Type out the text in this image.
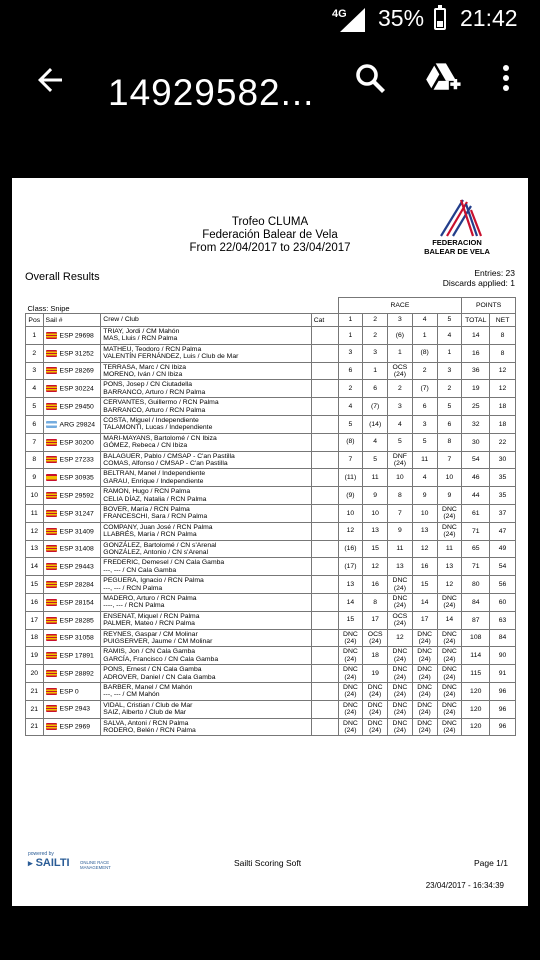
4G 35% 21:42
14929582...
Trofeo CLUMA
Federación Balear de Vela
From 22/04/2017 to 23/04/2017	FEDERACION
BALEAR DE VELA
Overall Results	Entries: 23
Discards applied: 1
Class: Snipe				RACE					POINTS	
Pos	Sail #	Crew / Club	Cat	1	2	3	4	5	TOTAL	NET
1	ESP 29698	TRIAY, Jordi / CM Mahón
MAS, Lluis / RCN Palma		1	2	(6)	1	4	14	8
2	ESP 31252	MATHEU, Teodoro / RCN Palma
VALENTÍN FERNÁNDEZ, Luis / Club de Mar		3	3	1	(8)	1	16	8
3	ESP 28269	TERRASA, Marc / CN Ibiza
MORENO, Iván / CN Ibiza		6	1	OCS (24)	2	3	36	12
4	ESP 30224	PONS, Josep / CN Ciutadella
BARRANCO, Arturo / RCN Palma		2	6	2	(7)	2	19	12
5	ESP 29450	CERVANTES, Guillermo / RCN Palma
BARRANCO, Arturo / RCN Palma		4	(7)	3	6	5	25	18
6	ARG 29824	COSTA, Miguel / Independiente
TALAMONTI, Lucas / Independiente		5	(14)	4	3	6	32	18
7	ESP 30200	MARI-MAYANS, Bartolomé / CN Ibiza
GÓMEZ, Rebeca / CN Ibiza		(8)	4	5	5	8	30	22
8	ESP 27233	BALAGUER, Pablo / CMSAP - C'an Pastilla
COMAS, Alfonso / CMSAP - C'an Pastilla		7	5	DNF (24)	11	7	54	30
9	ESP 30935	BELTRAN, Manel / Independiente
GARAU, Enrique / Independiente		(11)	11	10	4	10	46	35
10	ESP 29592	RAMON, Hugo / RCN Palma
CELIA DÍAZ, Natalia / RCN Palma		(9)	9	8	9	9	44	35
11	ESP 31247	BOVER, María / RCN Palma
FRANCESCHI, Sara / RCN Palma		10	10	7	10	DNC (24)	61	37
12	ESP 31409	COMPANY, Juan José / RCN Palma
LLABRÉS, María / RCN Palma		12	13	9	13	DNC (24)	71	47
13	ESP 31408	GONZÁLEZ, Bartolomé / CN s'Arenal
GONZÁLEZ, Antonio / CN s'Arenal		(16)	15	11	12	11	65	49
14	ESP 29443	FREDERIC, Demesel / CN Cala Gamba
---, --- / CN Cala Gamba		(17)	12	13	16	13	71	54
15	ESP 28284	PEGUERA, Ignacio / RCN Palma
---, --- / RCN Palma		13	16	DNC (24)	15	12	80	56
16	ESP 28154	MADERO, Arturo / RCN Palma
----, --- / RCN Palma		14	8	DNC (24)	14	DNC (24)	84	60
17	ESP 28285	ENSENAT, Miquel / RCN Palma
PALMER, Mateo / RCN Palma		15	17	OCS (24)	17	14	87	63
18	ESP 31058	REYNES, Gaspar / CM Molinar
PUIGSERVER, Jaume / CM Molinar		DNC (24)	OCS (24)	12	DNC (24)	DNC (24)	108	84
19	ESP 17891	RAMIS, Jon / CN Cala Gamba
GARCÍA, Francisco / CN Cala Gamba		DNC (24)	18	DNC (24)	DNC (24)	DNC (24)	114	90
20	ESP 28892	PONS, Ernest / CN Cala Gamba
ADROVER, Daniel / CN Cala Gamba		DNC (24)	19	DNC (24)	DNC (24)	DNC (24)	115	91
21	ESP 0	BARBER, Manel / CM Mahón
---, --- / CM Mahón		DNC (24)	DNC (24)	DNC (24)	DNC (24)	DNC (24)	120	96
21	ESP 2943	VIDAL, Cristian / Club de Mar
SAIZ, Alberto / Club de Mar		DNC (24)	DNC (24)	DNC (24)	DNC (24)	DNC (24)	120	96
21	ESP 2969	SALVA, Antoni / RCN Palma
RODERO, Belén / RCN Palma		DNC (24)	DNC (24)	DNC (24)	DNC (24)	DNC (24)	120	96
powered by
▸ SAILTI	ONLINE RACE
MANAGEMENT	Sailti Scoring Soft	Page 1/1
23/04/2017 - 16:34:39
